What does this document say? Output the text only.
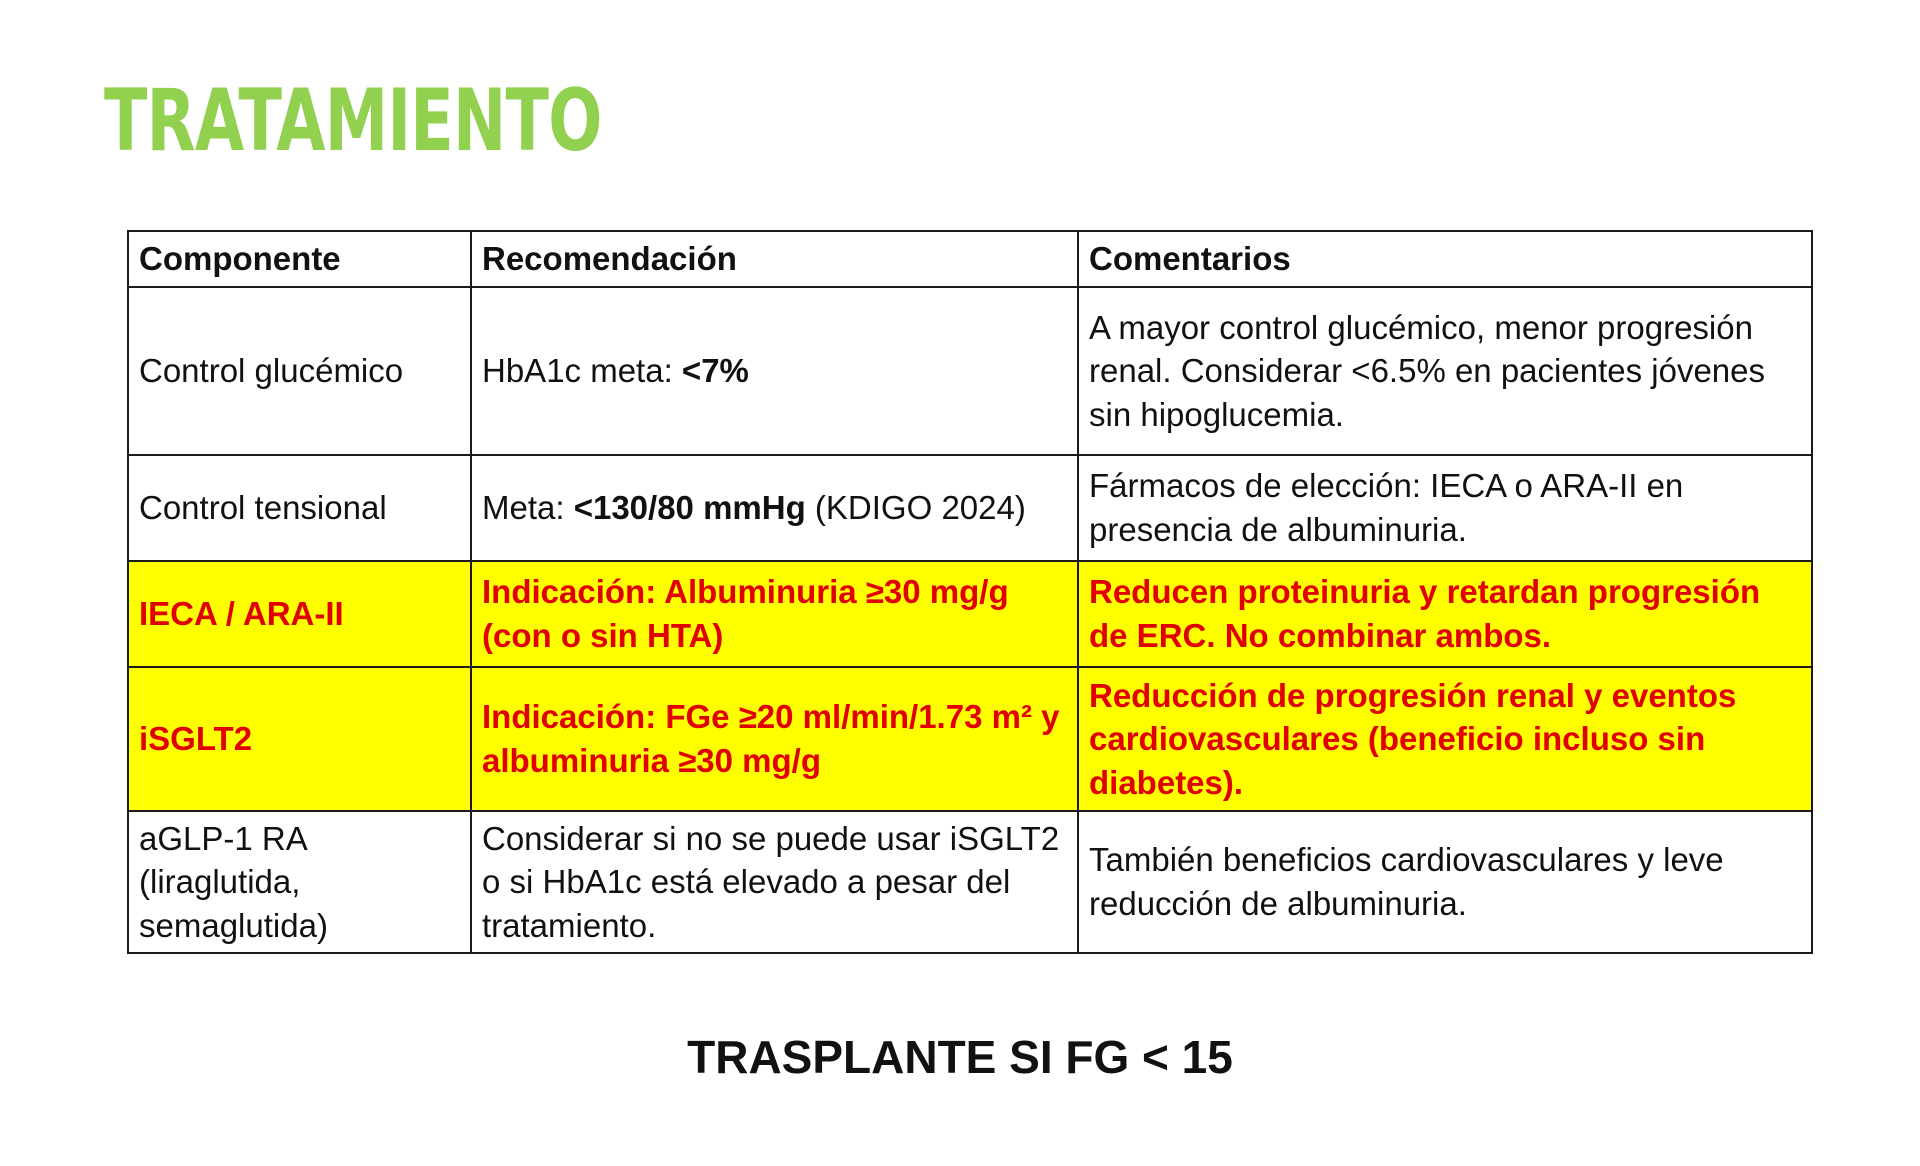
TRATAMIENTO
Componente	Recomendación	Comentarios
Control glucémico	HbA1c meta: <7%	A mayor control glucémico, menor progresión renal. Considerar <6.5% en pacientes jóvenes sin hipoglucemia.
Control tensional	Meta: <130/80 mmHg (KDIGO 2024)	Fármacos de elección: IECA o ARA-II en presencia de albuminuria.
IECA / ARA-II	Indicación: Albuminuria ≥30 mg/g (con o sin HTA)	Reducen proteinuria y retardan progresión de ERC. No combinar ambos.
iSGLT2	Indicación: FGe ≥20 ml/min/1.73 m² y albuminuria ≥30 mg/g	Reducción de progresión renal y eventos cardiovasculares (beneficio incluso sin diabetes).
aGLP-1 RA (liraglutida, semaglutida)	Considerar si no se puede usar iSGLT2 o si HbA1c está elevado a pesar del tratamiento.	También beneficios cardiovasculares y leve reducción de albuminuria.

TRASPLANTE SI FG < 15
